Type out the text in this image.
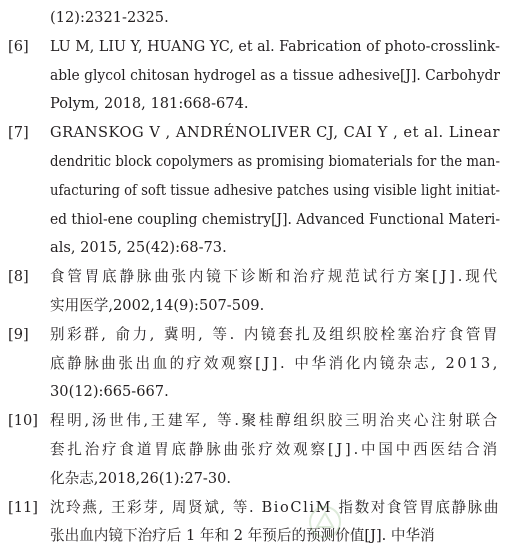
(12):2321-2325.
[6] LU M, LIU Y, HUANG YC, et al. Fabrication of photo-crosslink-
able glycol chitosan hydrogel as a tissue adhesive[J]. Carbohydr
Polym, 2018, 181:668-674.
[7] GRANSKOG V , ANDRÉNOLIVER CJ, CAI Y , et al. Linear
dendritic block copolymers as promising biomaterials for the man-
ufacturing of soft tissue adhesive patches using visible light initiat-
ed thiol-ene coupling chemistry[J]. Advanced Functional Materi-
als, 2015, 25(42):68-73.
[8] 食管胃底静脉曲张内镜下诊断和治疗规范试行方案[J].现代
实用医学,2002,14(9):507-509.
[9] 别彩群, 俞力, 冀明, 等. 内镜套扎及组织胶栓塞治疗食管胃
底静脉曲张出血的疗效观察[J]. 中华消化内镜杂志, 2013,
30(12):665-667.
[10] 程明,汤世伟,王建军, 等.聚桂醇组织胶三明治夹心注射联合
套扎治疗食道胃底静脉曲张疗效观察[J].中国中西医结合消
化杂志,2018,26(1):27-30.
[11] 沈玲燕, 王彩芽, 周贤斌, 等. BioCliM 指数对食管胃底静脉曲
张出血内镜下治疗后 1 年和 2 年预后的预测价值[J]. 中华消
